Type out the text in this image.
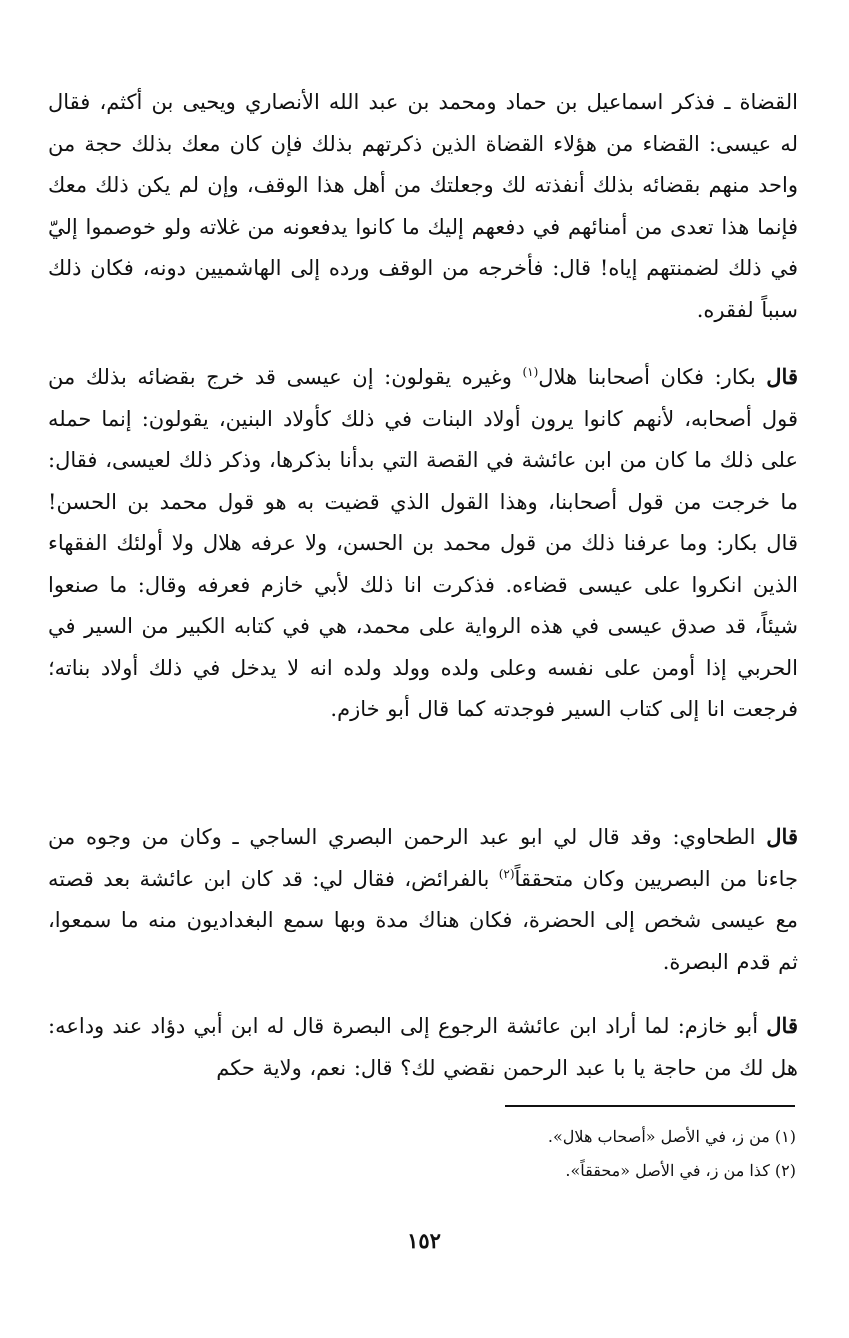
القضاة ـ فذكر اسماعيل بن حماد ومحمد بن عبد الله الأنصاري ويحيى بن أكثم، فقال له عيسى: القضاء من هؤلاء القضاة الذين ذكرتهم بذلك فإن كان معك بذلك حجة من واحد منهم بقضائه بذلك أنفذته لك وجعلتك من أهل هذا الوقف، وإن لم يكن ذلك معك فإنما هذا تعدى من أمنائهم في دفعهم إليك ما كانوا يدفعونه من غلاته ولو خوصموا إليّ في ذلك لضمنتهم إياه! قال: فأخرجه من الوقف ورده إلى الهاشميين دونه، فكان ذلك سبباً لفقره.

قال بكار: فكان أصحابنا هلال$^{(١)}$ وغيره يقولون: إن عيسى قد خرج بقضائه بذلك من قول أصحابه، لأنهم كانوا يرون أولاد البنات في ذلك كأولاد البنين، يقولون: إنما حمله على ذلك ما كان من ابن عائشة في القصة التي بدأنا بذكرها، وذكر ذلك لعيسى، فقال: ما خرجت من قول أصحابنا، وهذا القول الذي قضيت به هو قول محمد بن الحسن! قال بكار: وما عرفنا ذلك من قول محمد بن الحسن، ولا عرفه هلال ولا أولئك الفقهاء الذين انكروا على عيسى قضاءه. فذكرت انا ذلك لأبي خازم فعرفه وقال: ما صنعوا شيئاً، قد صدق عيسى في هذه الرواية على محمد، هي في كتابه الكبير من السير في الحربي إذا أومن على نفسه وعلى ولده وولد ولده انه لا يدخل في ذلك أولاد بناته؛ فرجعت انا إلى كتاب السير فوجدته كما قال أبو خازم.

قال الطحاوي: وقد قال لي ابو عبد الرحمن البصري الساجي ـ وكان من وجوه من جاءنا من البصريين وكان متحققاً$^{(٢)}$ بالفرائض، فقال لي: قد كان ابن عائشة بعد قصته مع عيسى شخص إلى الحضرة، فكان هناك مدة وبها سمع البغداديون منه ما سمعوا، ثم قدم البصرة.

قال أبو خازم: لما أراد ابن عائشة الرجوع إلى البصرة قال له ابن أبي دؤاد عند وداعه: هل لك من حاجة يا با عبد الرحمن نقضي لك؟ قال: نعم، ولاية حكم

(١) من ز، في الأصل «أصحاب هلال».
(٢) كذا من ز، في الأصل «محققاً».
١٥٢
